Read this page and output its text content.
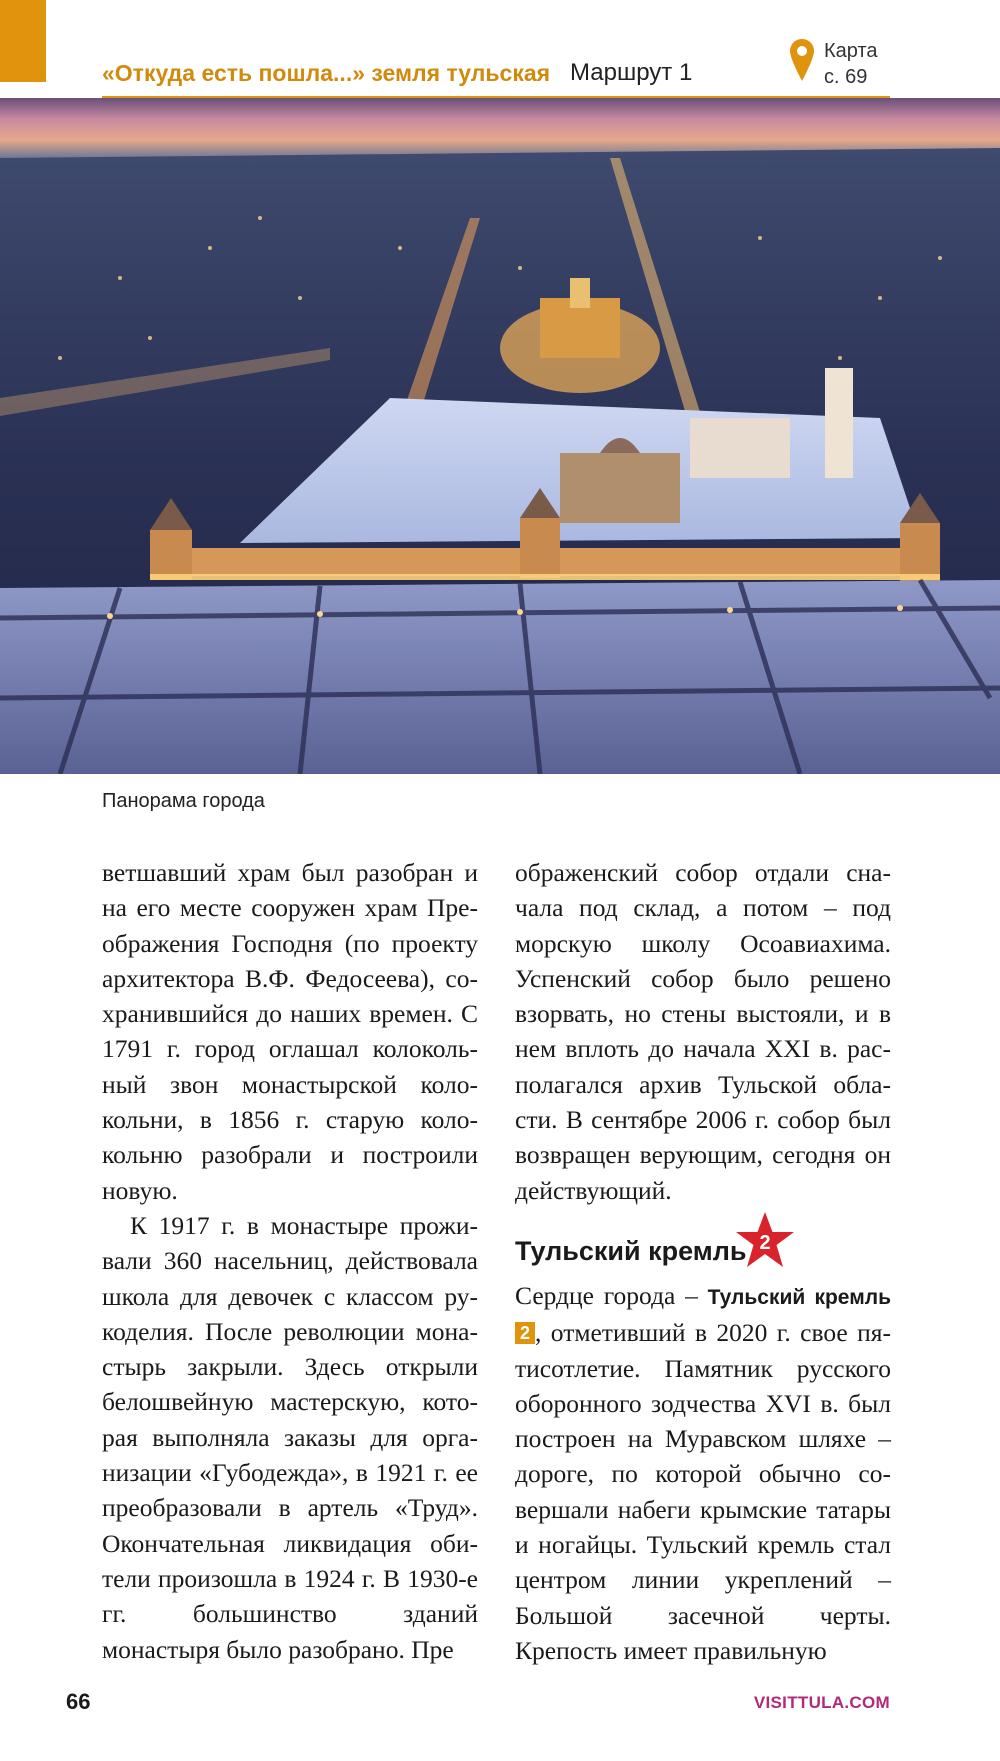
«Откуда есть пошла...» земля тульская Маршрут 1
Карта
с. 69
Панорама города

ветшавший храм был разобран и на его месте сооружен храм Преображения Господня (по проекту архитектора В.Ф. Федосеева), сохранившийся до наших времен. С 1791 г. город оглашал колокольный звон монастырской колокольни, в 1856 г. старую колокольню разобрали и построили новую.

К 1917 г. в монастыре проживали 360 насельниц, действовала школа для девочек с классом рукоделия. После революции монастырь закрыли. Здесь открыли белошвейную мастерскую, которая выполняла заказы для организации «Губодежда», в 1921 г. ее преобразовали в артель «Труд». Окончательная ликвидация обители произошла в 1924 г. В 1930-е гг. большинство зданий монастыря было разобрано. Пре

ображенский собор отдали сначала под склад, а потом – под морскую школу Осоавиахима. Успенский собор было решено взорвать, но стены выстояли, и в нем вплоть до начала XXI в. располагался архив Тульской области. В сентябре 2006 г. собор был возвращен верующим, сегодня он действующий.

Тульский кремль 2

Сердце города – Тульский кремль 2 , отметивший в 2020 г. свое пятисотлетие. Памятник русского оборонного зодчества XVI в. был построен на Муравском шляхе – дороге, по которой обычно совершали набеги крымские татары и ногайцы. Тульский кремль стал центром линии укреплений – Большой засечной черты. Крепость имеет правильную

66	VISITTULA.COM
